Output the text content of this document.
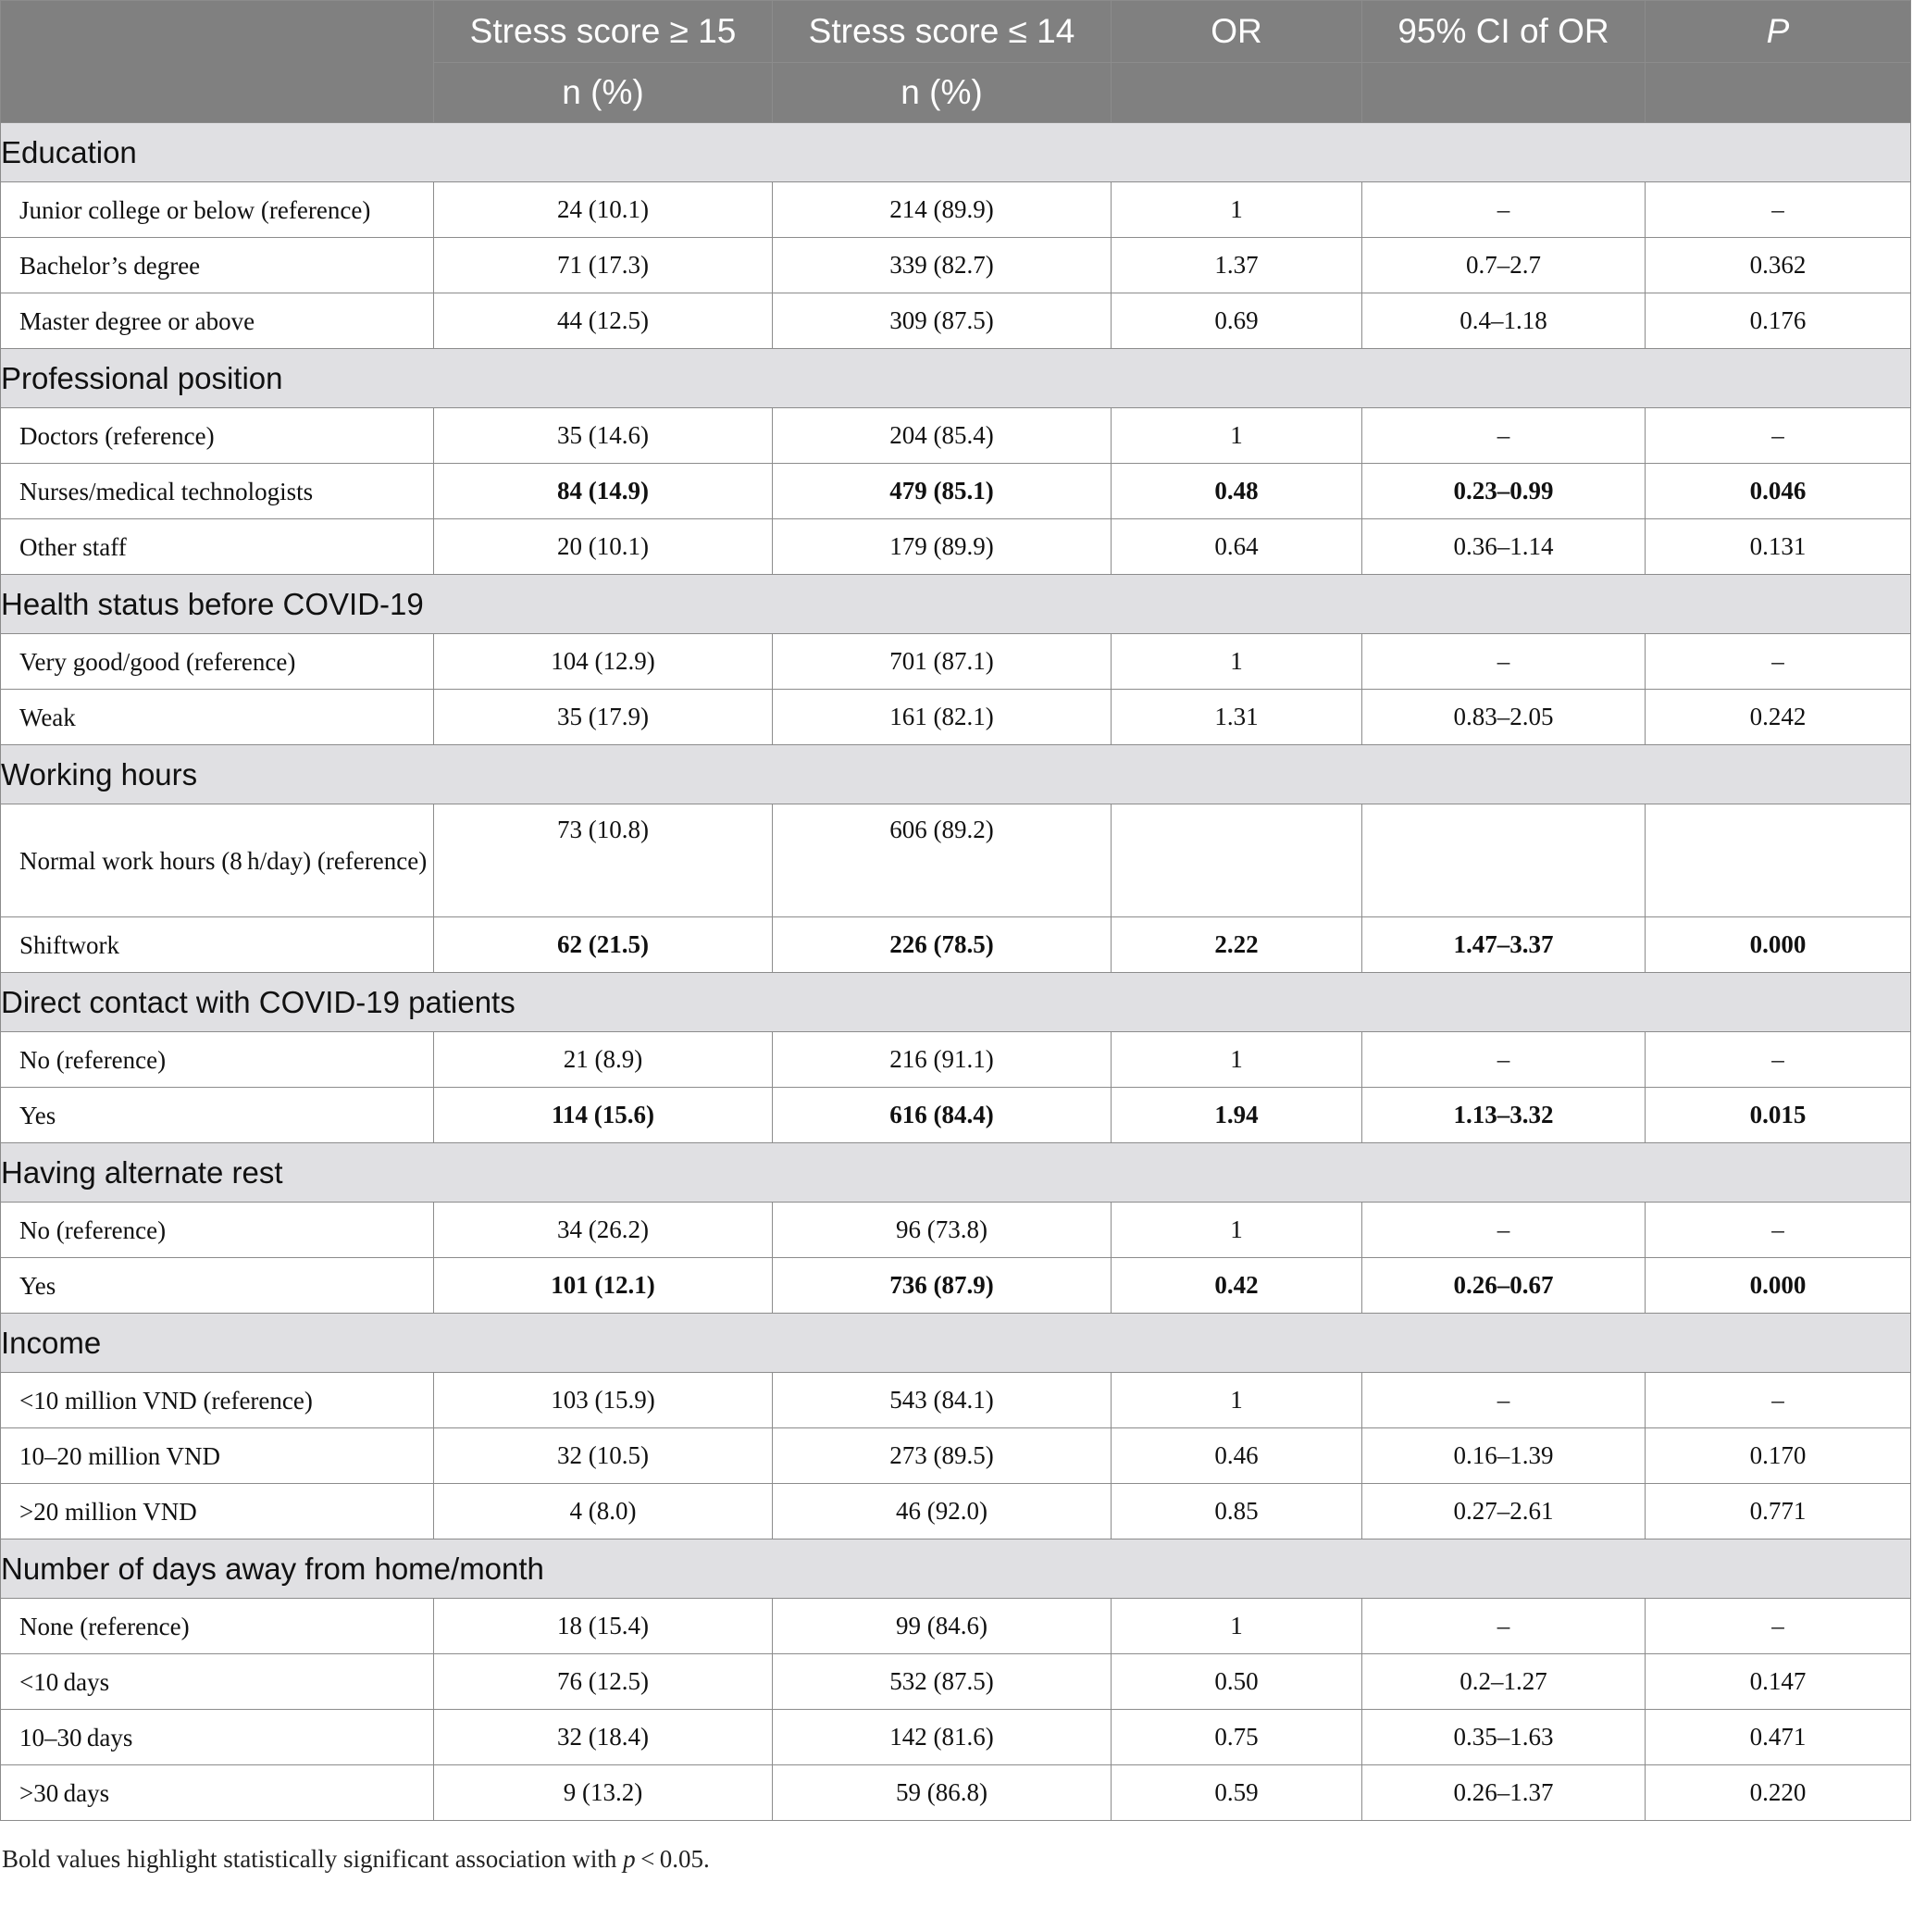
	Stress score ≥ 15	Stress score ≤ 14	OR	95% CI of OR	P
	n (%)	n (%)			
Education					
Junior college or below (reference)	24 (10.1)	214 (89.9)	1	–	–
Bachelor’s degree	71 (17.3)	339 (82.7)	1.37	0.7–2.7	0.362
Master degree or above	44 (12.5)	309 (87.5)	0.69	0.4–1.18	0.176
Professional position					
Doctors (reference)	35 (14.6)	204 (85.4)	1	–	–
Nurses/medical technologists	84 (14.9)	479 (85.1)	0.48	0.23–0.99	0.046
Other staff	20 (10.1)	179 (89.9)	0.64	0.36–1.14	0.131
Health status before COVID-19					
Very good/good (reference)	104 (12.9)	701 (87.1)	1	–	–
Weak	35 (17.9)	161 (82.1)	1.31	0.83–2.05	0.242
Working hours					
Normal work hours (8 h/day) (reference)	73 (10.8)	606 (89.2)			
Shiftwork	62 (21.5)	226 (78.5)	2.22	1.47–3.37	0.000
Direct contact with COVID-19 patients					
No (reference)	21 (8.9)	216 (91.1)	1	–	–
Yes	114 (15.6)	616 (84.4)	1.94	1.13–3.32	0.015
Having alternate rest					
No (reference)	34 (26.2)	96 (73.8)	1	–	–
Yes	101 (12.1)	736 (87.9)	0.42	0.26–0.67	0.000
Income					
<10 million VND (reference)	103 (15.9)	543 (84.1)	1	–	–
10–20 million VND	32 (10.5)	273 (89.5)	0.46	0.16–1.39	0.170
>20 million VND	4 (8.0)	46 (92.0)	0.85	0.27–2.61	0.771
Number of days away from home/month					
None (reference)	18 (15.4)	99 (84.6)	1	–	–
<10 days	76 (12.5)	532 (87.5)	0.50	0.2–1.27	0.147
10–30 days	32 (18.4)	142 (81.6)	0.75	0.35–1.63	0.471
>30 days	9 (13.2)	59 (86.8)	0.59	0.26–1.37	0.220
Bold values highlight statistically significant association with p < 0.05.
